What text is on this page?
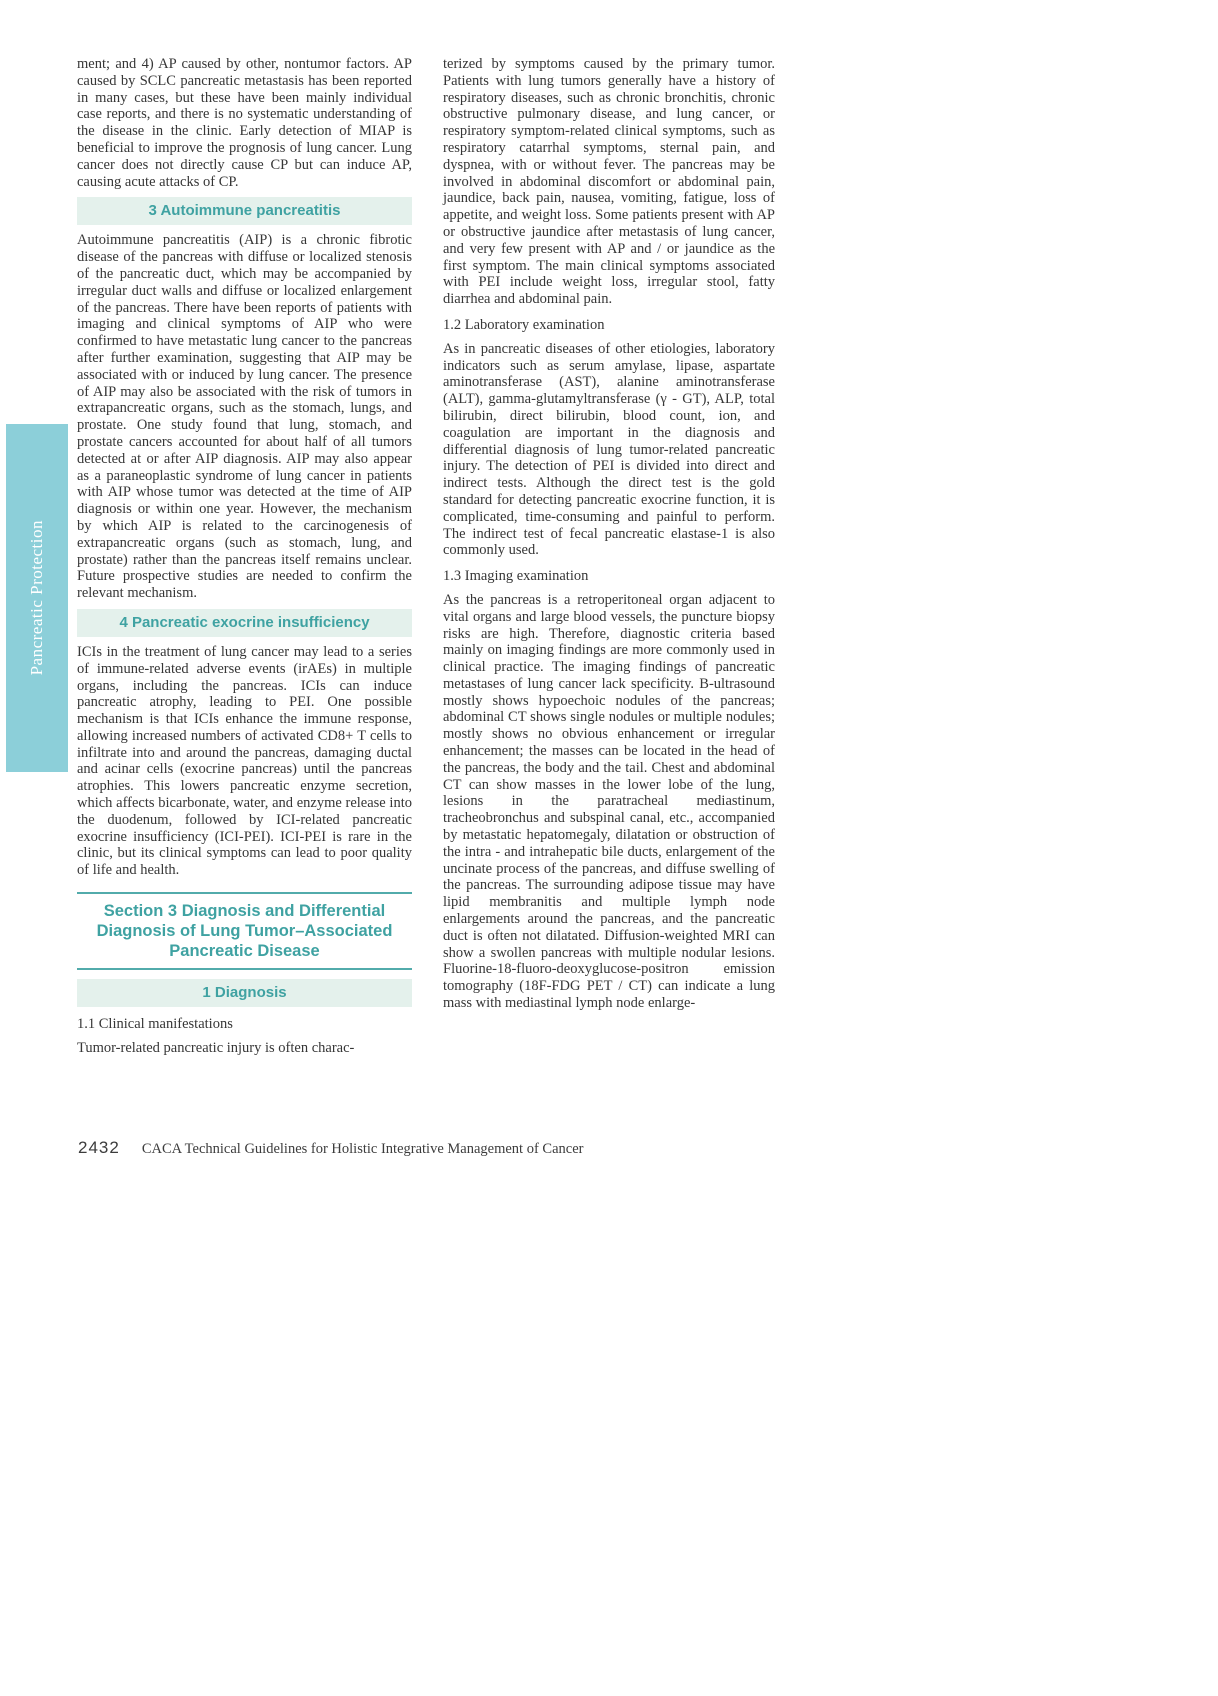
Pancreatic Protection

ment; and 4) AP caused by other, nontumor factors. AP caused by SCLC pancreatic metastasis has been reported in many cases, but these have been mainly individual case reports, and there is no systematic understanding of the disease in the clinic. Early detection of MIAP is beneficial to improve the prognosis of lung cancer. Lung cancer does not directly cause CP but can induce AP, causing acute attacks of CP.

3 Autoimmune pancreatitis

Autoimmune pancreatitis (AIP) is a chronic fibrotic disease of the pancreas with diffuse or localized stenosis of the pancreatic duct, which may be accompanied by irregular duct walls and diffuse or localized enlargement of the pancreas. There have been reports of patients with imaging and clinical symptoms of AIP who were confirmed to have metastatic lung cancer to the pancreas after further examination, suggesting that AIP may be associated with or induced by lung cancer. The presence of AIP may also be associated with the risk of tumors in extrapancreatic organs, such as the stomach, lungs, and prostate. One study found that lung, stomach, and prostate cancers accounted for about half of all tumors detected at or after AIP diagnosis. AIP may also appear as a paraneoplastic syndrome of lung cancer in patients with AIP whose tumor was detected at the time of AIP diagnosis or within one year. However, the mechanism by which AIP is related to the carcinogenesis of extrapancreatic organs (such as stomach, lung, and prostate) rather than the pancreas itself remains unclear. Future prospective studies are needed to confirm the relevant mechanism.

4 Pancreatic exocrine insufficiency

ICIs in the treatment of lung cancer may lead to a series of immune-related adverse events (irAEs) in multiple organs, including the pancreas. ICIs can induce pancreatic atrophy, leading to PEI. One possible mechanism is that ICIs enhance the immune response, allowing increased numbers of activated CD8+ T cells to infiltrate into and around the pancreas, damaging ductal and acinar cells (exocrine pancreas) until the pancreas atrophies. This lowers pancreatic enzyme secretion, which affects bicarbonate, water, and enzyme release into the duodenum, followed by ICI-related pancreatic exocrine insufficiency (ICI-PEI). ICI-PEI is rare in the clinic, but its clinical symptoms can lead to poor quality of life and health.

Section 3 Diagnosis and Differential Diagnosis of Lung Tumor–Associated Pancreatic Disease
1 Diagnosis

1.1 Clinical manifestations

Tumor-related pancreatic injury is often charac-

terized by symptoms caused by the primary tumor. Patients with lung tumors generally have a history of respiratory diseases, such as chronic bronchitis, chronic obstructive pulmonary disease, and lung cancer, or respiratory symptom-related clinical symptoms, such as respiratory catarrhal symptoms, sternal pain, and dyspnea, with or without fever. The pancreas may be involved in abdominal discomfort or abdominal pain, jaundice, back pain, nausea, vomiting, fatigue, loss of appetite, and weight loss. Some patients present with AP or obstructive jaundice after metastasis of lung cancer, and very few present with AP and / or jaundice as the first symptom. The main clinical symptoms associated with PEI include weight loss, irregular stool, fatty diarrhea and abdominal pain.

1.2 Laboratory examination

As in pancreatic diseases of other etiologies, laboratory indicators such as serum amylase, lipase, aspartate aminotransferase (AST), alanine aminotransferase (ALT), gamma-glutamyltransferase (γ - GT), ALP, total bilirubin, direct bilirubin, blood count, ion, and coagulation are important in the diagnosis and differential diagnosis of lung tumor-related pancreatic injury. The detection of PEI is divided into direct and indirect tests. Although the direct test is the gold standard for detecting pancreatic exocrine function, it is complicated, time-consuming and painful to perform. The indirect test of fecal pancreatic elastase-1 is also commonly used.

1.3 Imaging examination

As the pancreas is a retroperitoneal organ adjacent to vital organs and large blood vessels, the puncture biopsy risks are high. Therefore, diagnostic criteria based mainly on imaging findings are more commonly used in clinical practice. The imaging findings of pancreatic metastases of lung cancer lack specificity. B-ultrasound mostly shows hypoechoic nodules of the pancreas; abdominal CT shows single nodules or multiple nodules; mostly shows no obvious enhancement or irregular enhancement; the masses can be located in the head of the pancreas, the body and the tail. Chest and abdominal CT can show masses in the lower lobe of the lung, lesions in the paratracheal mediastinum, tracheobronchus and subspinal canal, etc., accompanied by metastatic hepatomegaly, dilatation or obstruction of the intra - and intrahepatic bile ducts, enlargement of the uncinate process of the pancreas, and diffuse swelling of the pancreas. The surrounding adipose tissue may have lipid membranitis and multiple lymph node enlargements around the pancreas, and the pancreatic duct is often not dilatated. Diffusion-weighted MRI can show a swollen pancreas with multiple nodular lesions. Fluorine-18-fluoro-deoxyglucose-positron emission tomography (18F-FDG PET / CT) can indicate a lung mass with mediastinal lymph node enlarge-

2432 CACA Technical Guidelines for Holistic Integrative Management of Cancer
